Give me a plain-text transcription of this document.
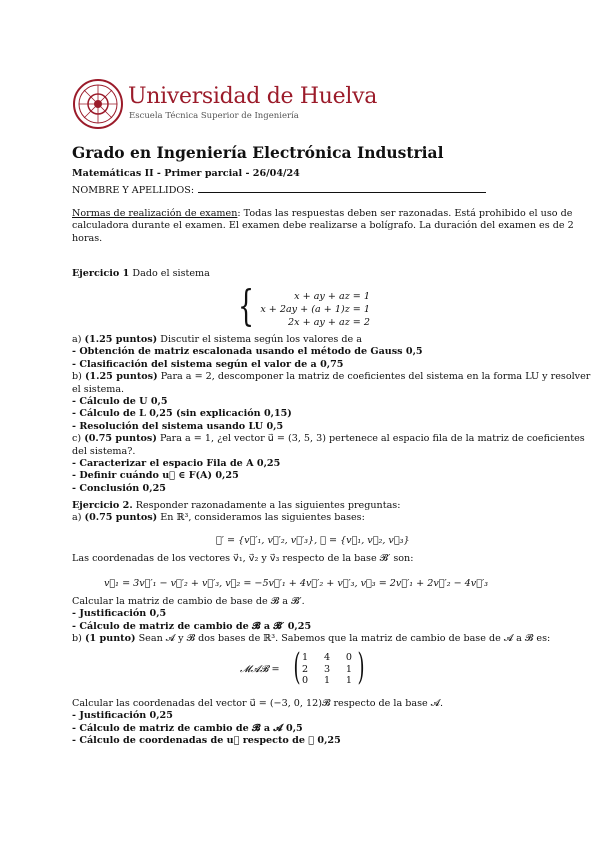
Universidad de Huelva
Escuela Técnica Superior de Ingeniería
Grado en Ingeniería Electrónica Industrial
Matemáticas II - Primer parcial - 26/04/24
NOMBRE Y APELLIDOS:
Normas de realización de examen: Todas las respuestas deben ser razonadas. Está prohibido el uso de
calculadora durante el examen. El examen debe realizarse a bolígrafo. La duración del examen es de 2
horas.
Ejercicio 1 Dado el sistema
{	x + ay + az = 1
x + 2ay + (a + 1)z = 1
2x + ay + az = 2
a) (1.25 puntos) Discutir el sistema según los valores de a
- Obtención de matriz escalonada usando el método de Gauss 0,5
- Clasificación del sistema según el valor de a 0,75
b) (1.25 puntos) Para a = 2, descomponer la matriz de coeficientes del sistema en la forma LU y resolver
el sistema.
- Cálculo de U 0,5
- Cálculo de L 0,25 (sin explicación 0,15)
- Resolución del sistema usando LU 0,5
c) (0.75 puntos) Para a = 1, ¿el vector u⃗ = (3, 5, 3) pertenece al espacio fila de la matriz de coeficientes
del sistema?.
- Caracterizar el espacio Fila de A 0,25
- Definir cuándo u⃗ ∈ F(A) 0,25
- Conclusión 0,25
Ejercicio 2. Responder razonadamente a las siguientes preguntas:
a) (0.75 puntos) En ℝ³, consideramos las siguientes bases:
𝓑′ = {v⃗′₁, v⃗′₂, v⃗′₃}, 𝓑 = {v⃗₁, v⃗₂, v⃗₃}
Las coordenadas de los vectores v⃗₁, v⃗₂ y v⃗₃ respecto de la base 𝓑′ son:
v⃗₁ = 3v⃗′₁ − v⃗′₂ + v⃗′₃, v⃗₂ = −5v⃗′₁ + 4v⃗′₂ + v⃗′₃, v⃗₃ = 2v⃗′₁ + 2v⃗′₂ − 4v⃗′₃
Calcular la matriz de cambio de base de 𝓑 a 𝓑′.
- Justificación 0,5
- Cálculo de matriz de cambio de 𝓑 a 𝓑′ 0,25
b) (1 punto) Sean 𝓐 y 𝓑 dos bases de ℝ³. Sabemos que la matriz de cambio de base de 𝓐 a 𝓑 es:
𝓜𝓐𝓑 = ( 1 4 0
2 3 1
0 1 1 )
Calcular las coordenadas del vector u⃗ = (−3, 0, 12)𝓑 respecto de la base 𝓐.
- Justificación 0,25
- Cálculo de matriz de cambio de 𝓑 a 𝓐 0,5
- Cálculo de coordenadas de u⃗ respecto de 𝓐 0,25
